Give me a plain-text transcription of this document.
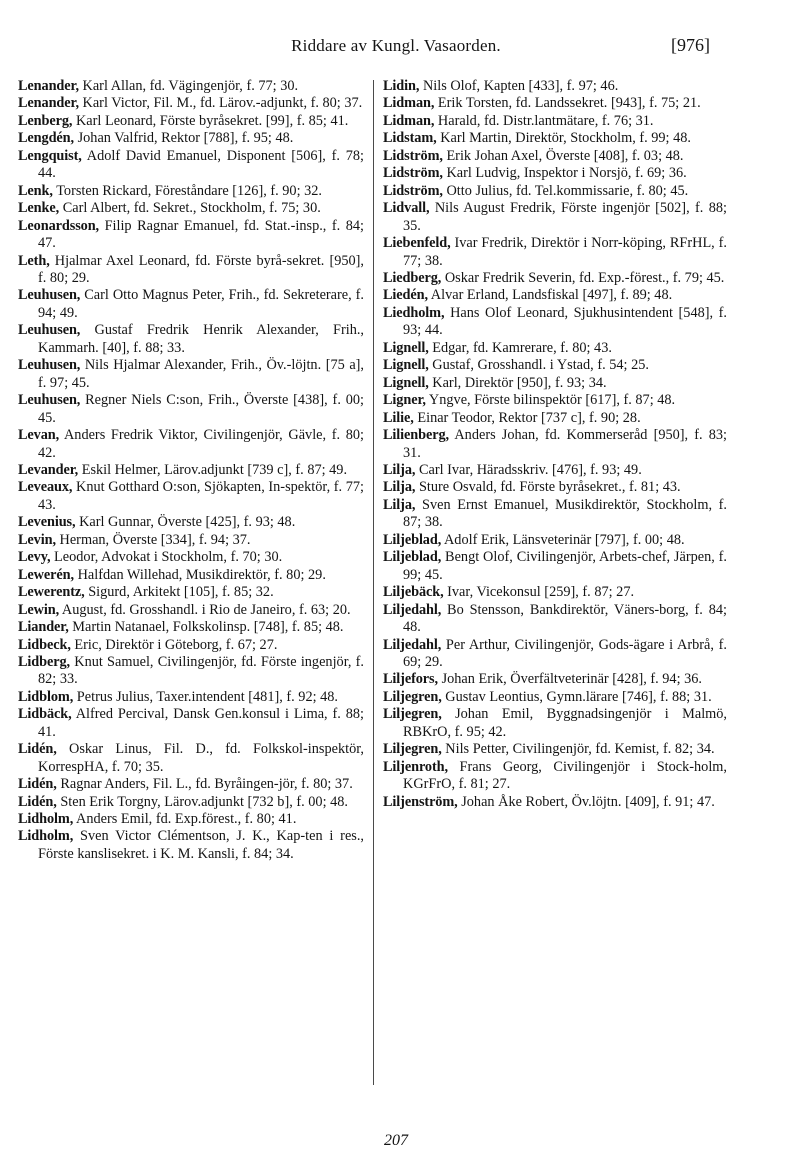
Riddare av Kungl. Vasaorden.	[976]

Lenander, Karl Allan, fd. Vägingenjör, f. 77; 30.

Lenander, Karl Victor, Fil. M., fd. Lärov.-adjunkt, f. 80; 37.

Lenberg, Karl Leonard, Förste byråsekret. [99], f. 85; 41.

Lengdén, Johan Valfrid, Rektor [788], f. 95; 48.

Lengquist, Adolf David Emanuel, Disponent [506], f. 78; 44.

Lenk, Torsten Rickard, Föreståndare [126], f. 90; 32.

Lenke, Carl Albert, fd. Sekret., Stockholm, f. 75; 30.

Leonardsson, Filip Ragnar Emanuel, fd. Stat.-insp., f. 84; 47.

Leth, Hjalmar Axel Leonard, fd. Förste byrå-sekret. [950], f. 80; 29.

Leuhusen, Carl Otto Magnus Peter, Frih., fd. Sekreterare, f. 94; 49.

Leuhusen, Gustaf Fredrik Henrik Alexander, Frih., Kammarh. [40], f. 88; 33.

Leuhusen, Nils Hjalmar Alexander, Frih., Öv.-löjtn. [75 a], f. 97; 45.

Leuhusen, Regner Niels C:son, Frih., Överste [438], f. 00; 45.

Levan, Anders Fredrik Viktor, Civilingenjör, Gävle, f. 80; 42.

Levander, Eskil Helmer, Lärov.adjunkt [739 c], f. 87; 49.

Leveaux, Knut Gotthard O:son, Sjökapten, In-spektör, f. 77; 43.

Levenius, Karl Gunnar, Överste [425], f. 93; 48.

Levin, Herman, Överste [334], f. 94; 37.

Levy, Leodor, Advokat i Stockholm, f. 70; 30.

Lewerén, Halfdan Willehad, Musikdirektör, f. 80; 29.

Lewerentz, Sigurd, Arkitekt [105], f. 85; 32.

Lewin, August, fd. Grosshandl. i Rio de Janeiro, f. 63; 20.

Liander, Martin Natanael, Folkskolinsp. [748], f. 85; 48.

Lidbeck, Eric, Direktör i Göteborg, f. 67; 27.

Lidberg, Knut Samuel, Civilingenjör, fd. Förste ingenjör, f. 82; 33.

Lidblom, Petrus Julius, Taxer.intendent [481], f. 92; 48.

Lidbäck, Alfred Percival, Dansk Gen.konsul i Lima, f. 88; 41.

Lidén, Oskar Linus, Fil. D., fd. Folkskol-inspektör, KorrespHA, f. 70; 35.

Lidén, Ragnar Anders, Fil. L., fd. Byråingen-jör, f. 80; 37.

Lidén, Sten Erik Torgny, Lärov.adjunkt [732 b], f. 00; 48.

Lidholm, Anders Emil, fd. Exp.förest., f. 80; 41.

Lidholm, Sven Victor Clémentson, J. K., Kap-ten i res., Förste kanslisekret. i K. M. Kansli, f. 84; 34.

Lidin, Nils Olof, Kapten [433], f. 97; 46.

Lidman, Erik Torsten, fd. Landssekret. [943], f. 75; 21.

Lidman, Harald, fd. Distr.lantmätare, f. 76; 31.

Lidstam, Karl Martin, Direktör, Stockholm, f. 99; 48.

Lidström, Erik Johan Axel, Överste [408], f. 03; 48.

Lidström, Karl Ludvig, Inspektor i Norsjö, f. 69; 36.

Lidström, Otto Julius, fd. Tel.kommissarie, f. 80; 45.

Lidvall, Nils August Fredrik, Förste ingenjör [502], f. 88; 35.

Liebenfeld, Ivar Fredrik, Direktör i Norr-köping, RFrHL, f. 77; 38.

Liedberg, Oskar Fredrik Severin, fd. Exp.-förest., f. 79; 45.

Liedén, Alvar Erland, Landsfiskal [497], f. 89; 48.

Liedholm, Hans Olof Leonard, Sjukhusintendent [548], f. 93; 44.

Lignell, Edgar, fd. Kamrerare, f. 80; 43.

Lignell, Gustaf, Grosshandl. i Ystad, f. 54; 25.

Lignell, Karl, Direktör [950], f. 93; 34.

Ligner, Yngve, Förste bilinspektör [617], f. 87; 48.

Lilie, Einar Teodor, Rektor [737 c], f. 90; 28.

Lilienberg, Anders Johan, fd. Kommerseråd [950], f. 83; 31.

Lilja, Carl Ivar, Häradsskriv. [476], f. 93; 49.

Lilja, Sture Osvald, fd. Förste byråsekret., f. 81; 43.

Lilja, Sven Ernst Emanuel, Musikdirektör, Stockholm, f. 87; 38.

Liljeblad, Adolf Erik, Länsveterinär [797], f. 00; 48.

Liljeblad, Bengt Olof, Civilingenjör, Arbets-chef, Järpen, f. 99; 45.

Liljebäck, Ivar, Vicekonsul [259], f. 87; 27.

Liljedahl, Bo Stensson, Bankdirektör, Väners-borg, f. 84; 48.

Liljedahl, Per Arthur, Civilingenjör, Gods-ägare i Arbrå, f. 69; 29.

Liljefors, Johan Erik, Överfältveterinär [428], f. 94; 36.

Liljegren, Gustav Leontius, Gymn.lärare [746], f. 88; 31.

Liljegren, Johan Emil, Byggnadsingenjör i Malmö, RBKrO, f. 95; 42.

Liljegren, Nils Petter, Civilingenjör, fd. Kemist, f. 82; 34.

Liljenroth, Frans Georg, Civilingenjör i Stock-holm, KGrFrO, f. 81; 27.

Liljenström, Johan Åke Robert, Öv.löjtn. [409], f. 91; 47.

207
